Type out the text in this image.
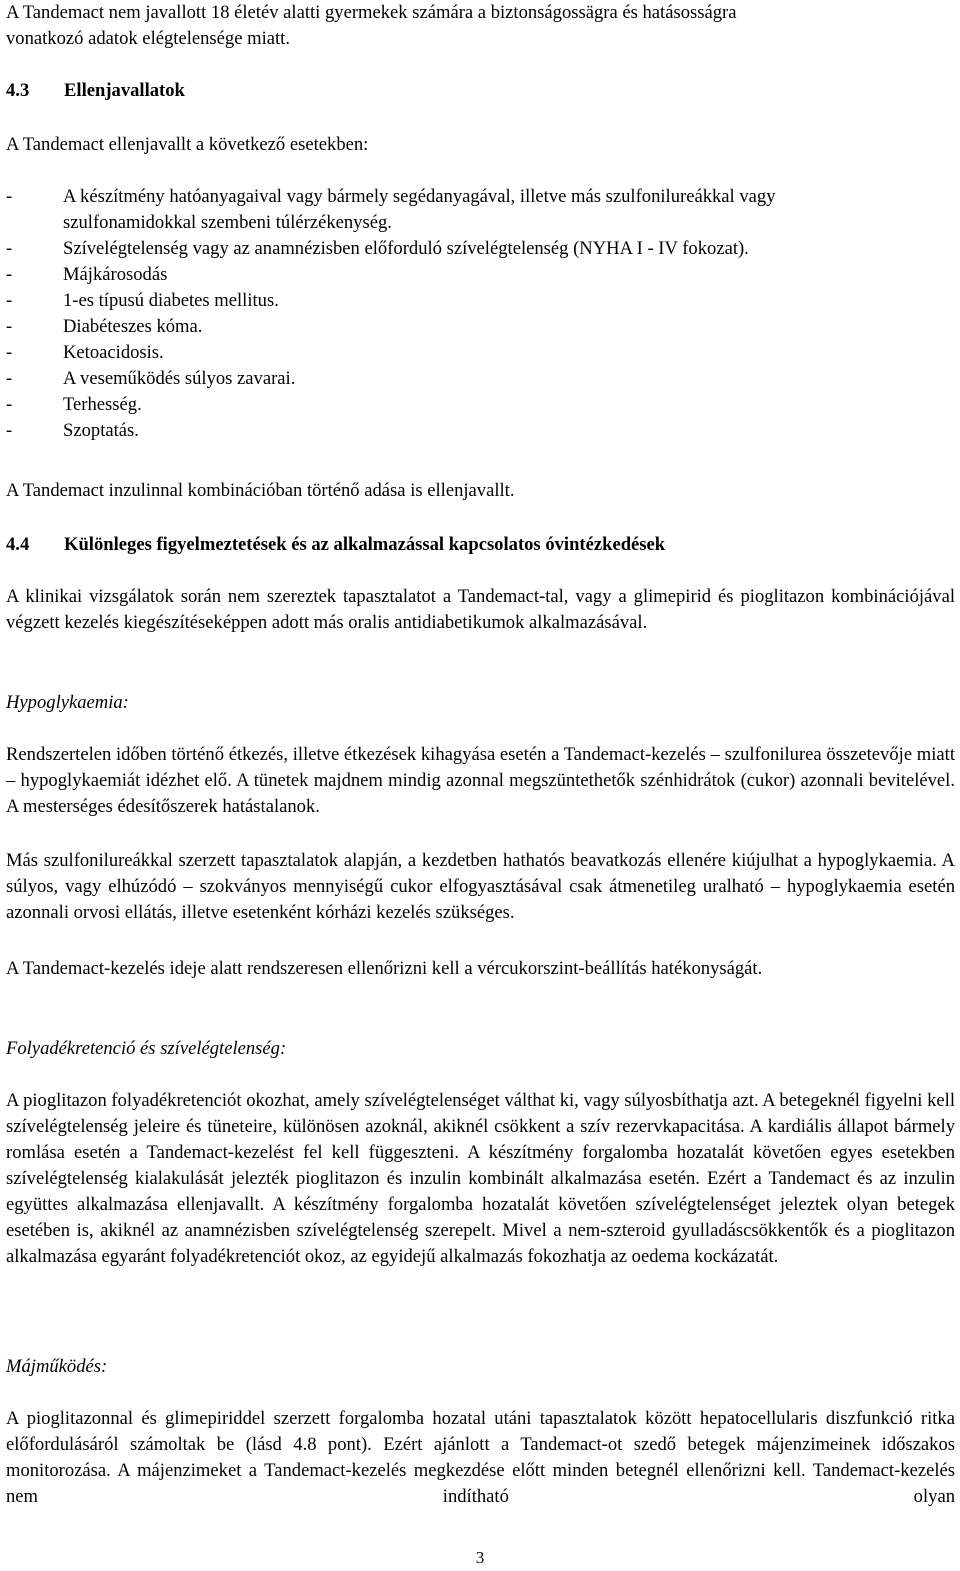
A Tandemact nem javallott 18 életév alatti gyermekek számára a biztonságossägra és hatásosságra
vonatkozó adatok elégtelensége miatt.
4.3 Ellenjavallatok
A Tandemact ellenjavallt a következő esetekben:
-	A készítmény hatóanyagaival vagy bármely segédanyagával, illetve más szulfonilureákkal vagy
szulfonamidokkal szembeni túlérzékenység.
-	Szívelégtelenség vagy az anamnézisben előforduló szívelégtelenség (NYHA I - IV fokozat).
-	Májkárosodás
-	1-es típusú diabetes mellitus.
-	Diabéteszes kóma.
-	Ketoacidosis.
-	A veseműködés súlyos zavarai.
-	Terhesség.
-	Szoptatás.
A Tandemact inzulinnal kombinációban történő adása is ellenjavallt.
4.4 Különleges figyelmeztetések és az alkalmazással kapcsolatos óvintézkedések

A klinikai vizsgálatok során nem szereztek tapasztalatot a Tandemact-tal, vagy a glimepirid és pioglitazon kombinációjával végzett kezelés kiegészítéseképpen adott más oralis antidiabetikumok alkalmazásával.

Hypoglykaemia:

Rendszertelen időben történő étkezés, illetve étkezések kihagyása esetén a Tandemact-kezelés – szulfonilurea összetevője miatt – hypoglykaemiát idézhet elő. A tünetek majdnem mindig azonnal megszüntethetők szénhidrátok (cukor) azonnali bevitelével. A mesterséges édesítőszerek hatástalanok.

Más szulfonilureákkal szerzett tapasztalatok alapján, a kezdetben hathatós beavatkozás ellenére kiújulhat a hypoglykaemia. A súlyos, vagy elhúzódó – szokványos mennyiségű cukor elfogyasztásával csak átmenetileg uralható – hypoglykaemia esetén azonnali orvosi ellátás, illetve esetenként kórházi kezelés szükséges.

A Tandemact-kezelés ideje alatt rendszeresen ellenőrizni kell a vércukorszint-beállítás hatékonyságát.

Folyadékretenció és szívelégtelenség:

A pioglitazon folyadékretenciót okozhat, amely szívelégtelenséget válthat ki, vagy súlyosbíthatja azt. A betegeknél figyelni kell szívelégtelenség jeleire és tüneteire, különösen azoknál, akiknél csökkent a szív rezervkapacitása. A kardiális állapot bármely romlása esetén a Tandemact-kezelést fel kell függeszteni. A készítmény forgalomba hozatalát követően egyes esetekben szívelégtelenség kialakulását jelezték pioglitazon és inzulin kombinált alkalmazása esetén. Ezért a Tandemact és az inzulin együttes alkalmazása ellenjavallt. A készítmény forgalomba hozatalát követően szívelégtelenséget jeleztek olyan betegek esetében is, akiknél az anamnézisben szívelégtelenség szerepelt. Mivel a nem-szteroid gyulladáscsökkentők és a pioglitazon alkalmazása egyaránt folyadékretenciót okoz, az egyidejű alkalmazás fokozhatja az oedema kockázatát.

Májműködés:

A pioglitazonnal és glimepiriddel szerzett forgalomba hozatal utáni tapasztalatok között hepatocellularis diszfunkció ritka előfordulásáról számoltak be (lásd 4.8 pont). Ezért ajánlott a Tandemact-ot szedő betegek májenzimeinek időszakos monitorozása. A májenzimeket a Tandemact-kezelés megkezdése előtt minden betegnél ellenőrizni kell. Tandemact-kezelés nem indítható olyan

3
